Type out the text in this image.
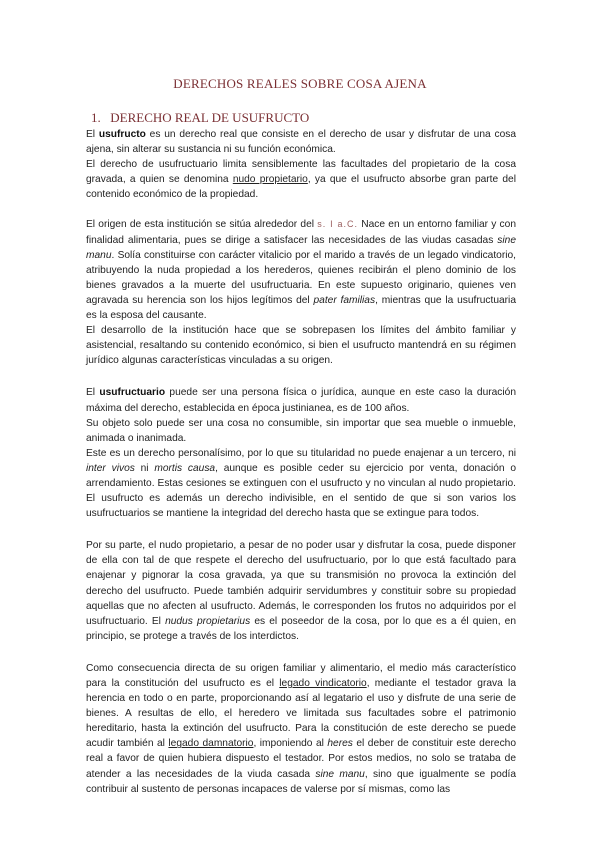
DERECHOS REALES SOBRE COSA AJENA
1. DERECHO REAL DE USUFRUCTO

El usufructo es un derecho real que consiste en el derecho de usar y disfrutar de una cosa ajena, sin alterar su sustancia ni su función económica.

El derecho de usufructuario limita sensiblemente las facultades del propietario de la cosa gravada, a quien se denomina nudo propietario, ya que el usufructo absorbe gran parte del contenido económico de la propiedad.

El origen de esta institución se sitúa alrededor del s. I a.C. Nace en un entorno familiar y con finalidad alimentaria, pues se dirige a satisfacer las necesidades de las viudas casadas sine manu. Solía constituirse con carácter vitalicio por el marido a través de un legado vindicatorio, atribuyendo la nuda propiedad a los herederos, quienes recibirán el pleno dominio de los bienes gravados a la muerte del usufructuaria. En este supuesto originario, quienes ven agravada su herencia son los hijos legítimos del pater familias, mientras que la usufructuaria es la esposa del causante.

El desarrollo de la institución hace que se sobrepasen los límites del ámbito familiar y asistencial, resaltando su contenido económico, si bien el usufructo mantendrá en su régimen jurídico algunas características vinculadas a su origen.

El usufructuario puede ser una persona física o jurídica, aunque en este caso la duración máxima del derecho, establecida en época justinianea, es de 100 años.

Su objeto solo puede ser una cosa no consumible, sin importar que sea mueble o inmueble, animada o inanimada.

Este es un derecho personalísimo, por lo que su titularidad no puede enajenar a un tercero, ni inter vivos ni mortis causa, aunque es posible ceder su ejercicio por venta, donación o arrendamiento. Estas cesiones se extinguen con el usufructo y no vinculan al nudo propietario. El usufructo es además un derecho indivisible, en el sentido de que si son varios los usufructuarios se mantiene la integridad del derecho hasta que se extingue para todos.

Por su parte, el nudo propietario, a pesar de no poder usar y disfrutar la cosa, puede disponer de ella con tal de que respete el derecho del usufructuario, por lo que está facultado para enajenar y pignorar la cosa gravada, ya que su transmisión no provoca la extinción del derecho del usufructo. Puede también adquirir servidumbres y constituir sobre su propiedad aquellas que no afecten al usufructo. Además, le corresponden los frutos no adquiridos por el usufructuario. El nudus propietarius es el poseedor de la cosa, por lo que es a él quien, en principio, se protege a través de los interdictos.

Como consecuencia directa de su origen familiar y alimentario, el medio más característico para la constitución del usufructo es el legado vindicatorio, mediante el testador grava la herencia en todo o en parte, proporcionando así al legatario el uso y disfrute de una serie de bienes. A resultas de ello, el heredero ve limitada sus facultades sobre el patrimonio hereditario, hasta la extinción del usufructo. Para la constitución de este derecho se puede acudir también al legado damnatorio, imponiendo al heres el deber de constituir este derecho real a favor de quien hubiera dispuesto el testador. Por estos medios, no solo se trataba de atender a las necesidades de la viuda casada sine manu, sino que igualmente se podía contribuir al sustento de personas incapaces de valerse por sí mismas, como las
